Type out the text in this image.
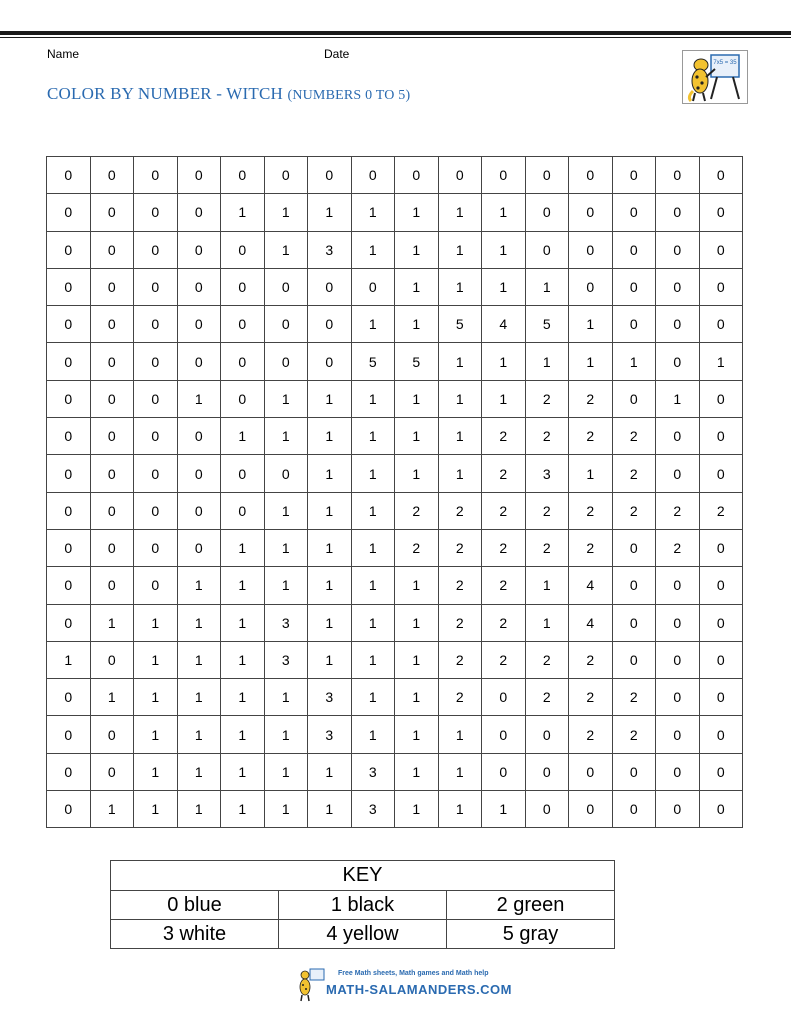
Name	Date
COLOR BY NUMBER - WITCH (NUMBERS 0 TO 5)
7x5 = 35
0	0	0	0	0	0	0	0	0	0	0	0	0	0	0	0
0	0	0	0	1	1	1	1	1	1	1	0	0	0	0	0
0	0	0	0	0	1	3	1	1	1	1	0	0	0	0	0
0	0	0	0	0	0	0	0	1	1	1	1	0	0	0	0
0	0	0	0	0	0	0	1	1	5	4	5	1	0	0	0
0	0	0	0	0	0	0	5	5	1	1	1	1	1	0	1
0	0	0	1	0	1	1	1	1	1	1	2	2	0	1	0
0	0	0	0	1	1	1	1	1	1	2	2	2	2	0	0
0	0	0	0	0	0	1	1	1	1	2	3	1	2	0	0
0	0	0	0	0	1	1	1	2	2	2	2	2	2	2	2
0	0	0	0	1	1	1	1	2	2	2	2	2	0	2	0
0	0	0	1	1	1	1	1	1	2	2	1	4	0	0	0
0	1	1	1	1	3	1	1	1	2	2	1	4	0	0	0
1	0	1	1	1	3	1	1	1	2	2	2	2	0	0	0
0	1	1	1	1	1	3	1	1	2	0	2	2	2	0	0
0	0	1	1	1	1	3	1	1	1	0	0	2	2	0	0
0	0	1	1	1	1	1	3	1	1	0	0	0	0	0	0
0	1	1	1	1	1	1	3	1	1	1	0	0	0	0	0
KEY		
0 blue	1 black	2 green
3 white	4 yellow	5 gray
Free Math sheets, Math games and Math help
MATH-SALAMANDERS.COM
